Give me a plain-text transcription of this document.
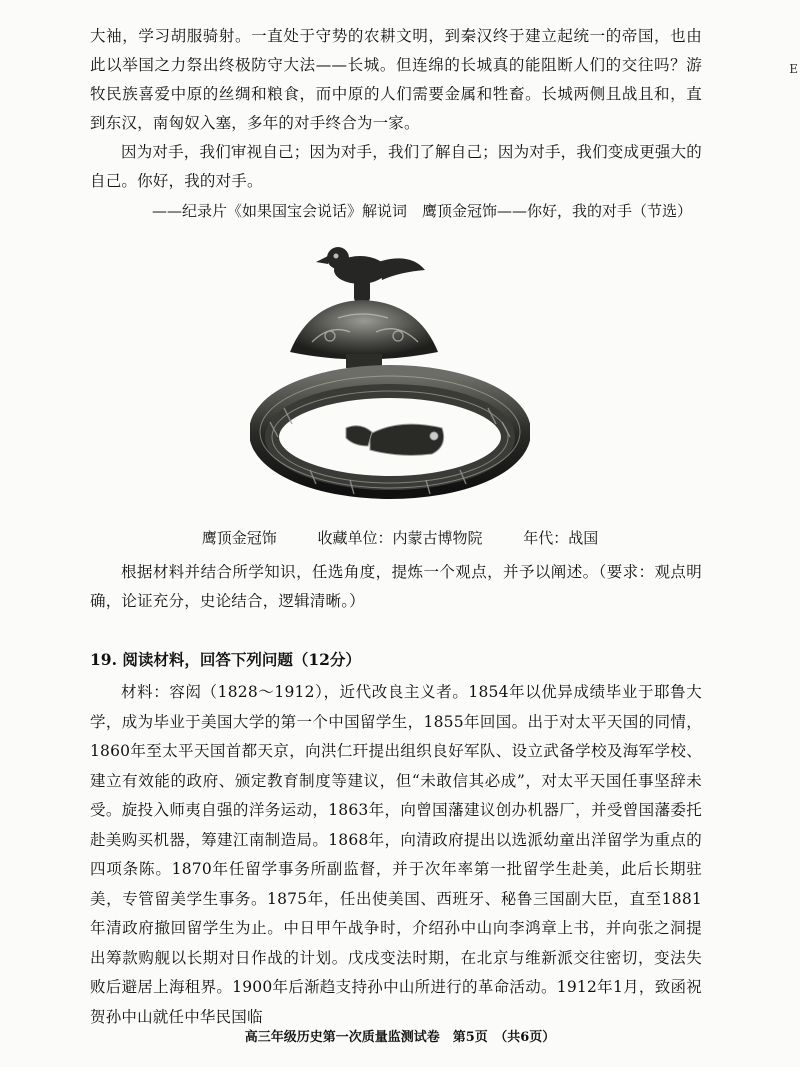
大袖，学习胡服骑射。一直处于守势的农耕文明，到秦汉终于建立起统一的帝国，也由此以举国之力祭出终极防守大法——长城。但连绵的长城真的能阻断人们的交往吗？游牧民族喜爱中原的丝绸和粮食，而中原的人们需要金属和牲畜。长城两侧且战且和，直到东汉，南匈奴入塞，多年的对手终合为一家。

因为对手，我们审视自己；因为对手，我们了解自己；因为对手，我们变成更强大的自己。你好，我的对手。

——纪录片《如果国宝会说话》解说词　鹰顶金冠饰——你好，我的对手（节选）

鹰顶金冠饰	收藏单位：内蒙古博物院	年代：战国

根据材料并结合所学知识，任选角度，提炼一个观点，并予以阐述。（要求：观点明确，论证充分，史论结合，逻辑清晰。）

19. 阅读材料，回答下列问题（12分）

材料：容闳（1828～1912），近代改良主义者。1854年以优异成绩毕业于耶鲁大学，成为毕业于美国大学的第一个中国留学生，1855年回国。出于对太平天国的同情，1860年至太平天国首都天京，向洪仁玕提出组织良好军队、设立武备学校及海军学校、建立有效能的政府、颁定教育制度等建议，但“未敢信其必成”，对太平天国任事坚辞未受。旋投入师夷自强的洋务运动，1863年，向曾国藩建议创办机器厂，并受曾国藩委托赴美购买机器，筹建江南制造局。1868年，向清政府提出以选派幼童出洋留学为重点的四项条陈。1870年任留学事务所副监督，并于次年率第一批留学生赴美，此后长期驻美，专管留美学生事务。1875年，任出使美国、西班牙、秘鲁三国副大臣，直至1881年清政府撤回留学生为止。中日甲午战争时，介绍孙中山向李鸿章上书，并向张之洞提出筹款购舰以长期对日作战的计划。戊戌变法时期，在北京与维新派交往密切，变法失败后避居上海租界。1900年后渐趋支持孙中山所进行的革命活动。1912年1月，致函祝贺孙中山就任中华民国临

高三年级历史第一次质量监测试卷　第5页　（共6页）

E
